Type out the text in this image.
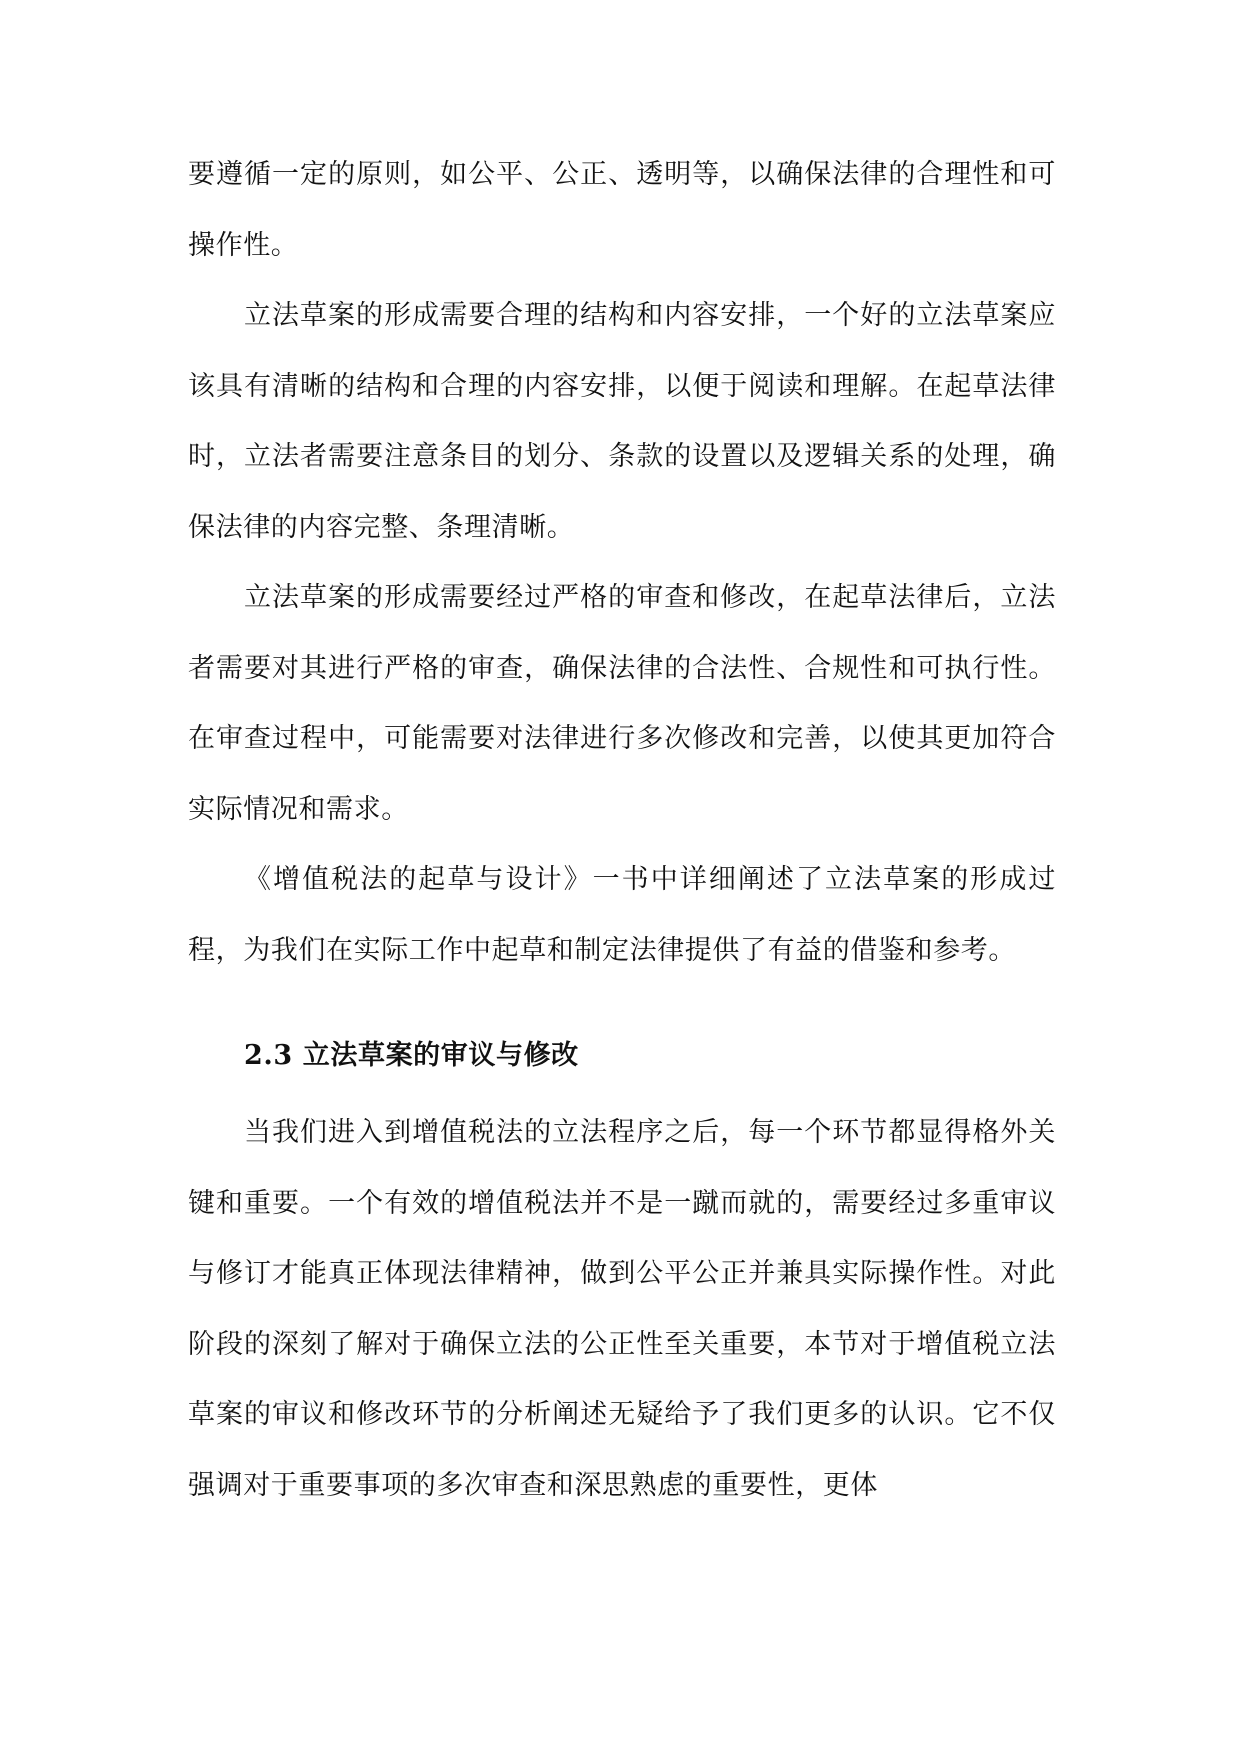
要遵循一定的原则，如公平、公正、透明等，以确保法律的合理性和可操作性。

立法草案的形成需要合理的结构和内容安排，一个好的立法草案应该具有清晰的结构和合理的内容安排，以便于阅读和理解。在起草法律时，立法者需要注意条目的划分、条款的设置以及逻辑关系的处理，确保法律的内容完整、条理清晰。

立法草案的形成需要经过严格的审查和修改，在起草法律后，立法者需要对其进行严格的审查，确保法律的合法性、合规性和可执行性。在审查过程中，可能需要对法律进行多次修改和完善，以使其更加符合实际情况和需求。

《增值税法的起草与设计》一书中详细阐述了立法草案的形成过程，为我们在实际工作中起草和制定法律提供了有益的借鉴和参考。

2.3 立法草案的审议与修改

当我们进入到增值税法的立法程序之后，每一个环节都显得格外关键和重要。一个有效的增值税法并不是一蹴而就的，需要经过多重审议与修订才能真正体现法律精神，做到公平公正并兼具实际操作性。对此阶段的深刻了解对于确保立法的公正性至关重要，本节对于增值税立法草案的审议和修改环节的分析阐述无疑给予了我们更多的认识。它不仅强调对于重要事项的多次审查和深思熟虑的重要性，更体
